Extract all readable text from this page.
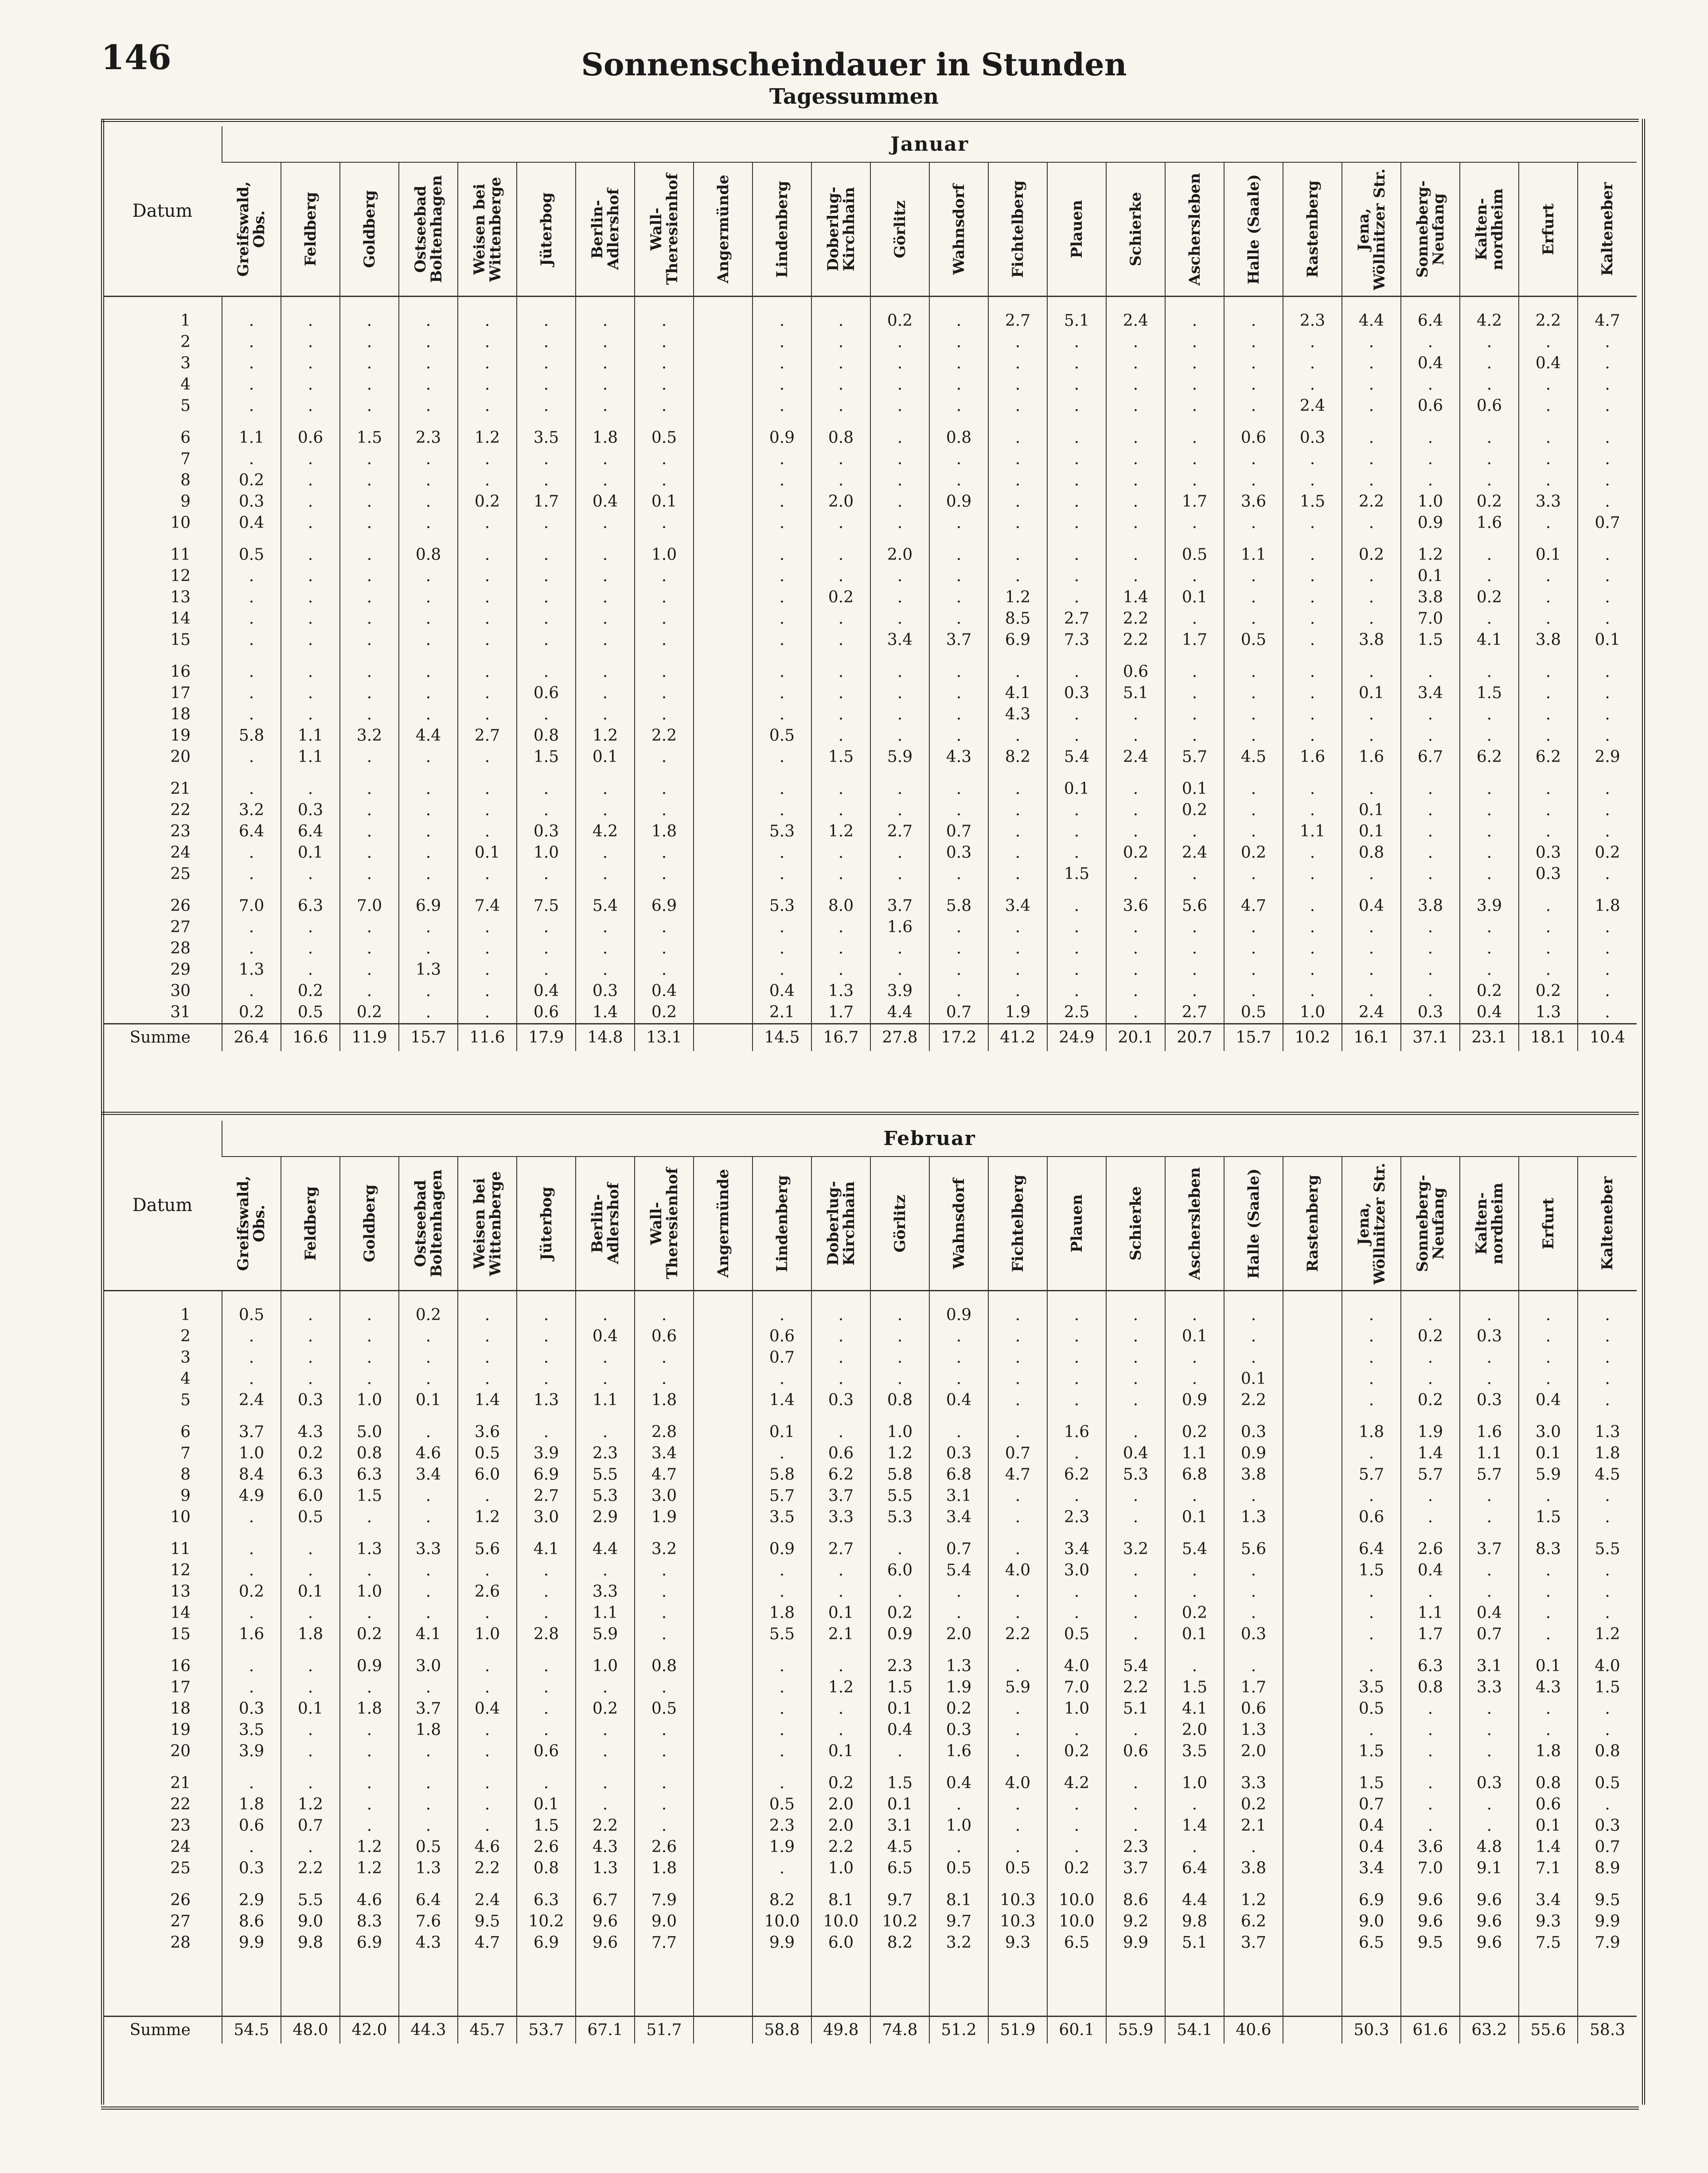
146	Sonnenscheindauer in Stunden
Tagessummen
Datum	Januar																							

	Greifswald,
Obs.	Feldberg	Goldberg	Ostseebad
Boltenhagen	Weisen bei
Wittenberge	Jüterbog	Berlin-
Adlershof	Wall-
Theresienhof	Angermünde	Lindenberg	Doberlug-
Kirchhain	Görlitz	Wahnsdorf	Fichtelberg	Plauen	Schierke	Aschersleben	Halle (Saale)	Rastenberg	Jena,
Wöllnitzer Str.	Sonneberg-
Neufang	Kalten-
nordheim	Erfurt	Kalteneber

1	.	.	.	.	.	.	.	.		.	.	0.2	.	2.7	5.1	2.4	.	.	2.3	4.4	6.4	4.2	2.2	4.7
2	.	.	.	.	.	.	.	.		.	.	.	.	.	.	.	.	.	.	.	.	.	.	.
3	.	.	.	.	.	.	.	.		.	.	.	.	.	.	.	.	.	.	.	0.4	.	0.4	.
4	.	.	.	.	.	.	.	.		.	.	.	.	.	.	.	.	.	.	.	.	.	.	.
5	.	.	.	.	.	.	.	.		.	.	.	.	.	.	.	.	.	2.4	.	0.6	0.6	.	.

6	1.1	0.6	1.5	2.3	1.2	3.5	1.8	0.5		0.9	0.8	.	0.8	.	.	.	.	0.6	0.3	.	.	.	.	.
7	.	.	.	.	.	.	.	.		.	.	.	.	.	.	.	.	.	.	.	.	.	.	.
8	0.2	.	.	.	.	.	.	.		.	.	.	.	.	.	.	.	.	.	.	.	.	.	.
9	0.3	.	.	.	0.2	1.7	0.4	0.1		.	2.0	.	0.9	.	.	.	1.7	3.6	1.5	2.2	1.0	0.2	3.3	.
10	0.4	.	.	.	.	.	.	.		.	.	.	.	.	.	.	.	.	.	.	0.9	1.6	.	0.7

11	0.5	.	.	0.8	.	.	.	1.0		.	.	2.0	.	.	.	.	0.5	1.1	.	0.2	1.2	.	0.1	.
12	.	.	.	.	.	.	.	.		.	.	.	.	.	.	.	.	.	.	.	0.1	.	.	.
13	.	.	.	.	.	.	.	.		.	0.2	.	.	1.2	.	1.4	0.1	.	.	.	3.8	0.2	.	.
14	.	.	.	.	.	.	.	.		.	.	.	.	8.5	2.7	2.2	.	.	.	.	7.0	.	.	.
15	.	.	.	.	.	.	.	.		.	.	3.4	3.7	6.9	7.3	2.2	1.7	0.5	.	3.8	1.5	4.1	3.8	0.1

16	.	.	.	.	.	.	.	.		.	.	.	.	.	.	0.6	.	.	.	.	.	.	.	.
17	.	.	.	.	.	0.6	.	.		.	.	.	.	4.1	0.3	5.1	.	.	.	0.1	3.4	1.5	.	.
18	.	.	.	.	.	.	.	.		.	.	.	.	4.3	.	.	.	.	.	.	.	.	.	.
19	5.8	1.1	3.2	4.4	2.7	0.8	1.2	2.2		0.5	.	.	.	.	.	.	.	.	.	.	.	.	.	.
20	.	1.1	.	.	.	1.5	0.1	.		.	1.5	5.9	4.3	8.2	5.4	2.4	5.7	4.5	1.6	1.6	6.7	6.2	6.2	2.9

21	.	.	.	.	.	.	.	.		.	.	.	.	.	0.1	.	0.1	.	.	.	.	.	.	.
22	3.2	0.3	.	.	.	.	.	.		.	.	.	.	.	.	.	0.2	.	.	0.1	.	.	.	.
23	6.4	6.4	.	.	.	0.3	4.2	1.8		5.3	1.2	2.7	0.7	.	.	.	.	.	1.1	0.1	.	.	.	.
24	.	0.1	.	.	0.1	1.0	.	.		.	.	.	0.3	.	.	0.2	2.4	0.2	.	0.8	.	.	0.3	0.2
25	.	.	.	.	.	.	.	.		.	.	.	.	.	1.5	.	.	.	.	.	.	.	0.3	.

26	7.0	6.3	7.0	6.9	7.4	7.5	5.4	6.9		5.3	8.0	3.7	5.8	3.4	.	3.6	5.6	4.7	.	0.4	3.8	3.9	.	1.8
27	.	.	.	.	.	.	.	.		.	.	1.6	.	.	.	.	.	.	.	.	.	.	.	.
28	.	.	.	.	.	.	.	.		.	.	.	.	.	.	.	.	.	.	.	.	.	.	.
29	1.3	.	.	1.3	.	.	.	.		.	.	.	.	.	.	.	.	.	.	.	.	.	.	.
30	.	0.2	.	.	.	0.4	0.3	0.4		0.4	1.3	3.9	.	.	.	.	.	.	.	.	.	0.2	0.2	.
31	0.2	0.5	0.2	.	.	0.6	1.4	0.2		2.1	1.7	4.4	0.7	1.9	2.5	.	2.7	0.5	1.0	2.4	0.3	0.4	1.3	.
Summe	26.4	16.6	11.9	15.7	11.6	17.9	14.8	13.1		14.5	16.7	27.8	17.2	41.2	24.9	20.1	20.7	15.7	10.2	16.1	37.1	23.1	18.1	10.4
Datum	Februar																							

	Greifswald,
Obs.	Feldberg	Goldberg	Ostseebad
Boltenhagen	Weisen bei
Wittenberge	Jüterbog	Berlin-
Adlershof	Wall-
Theresienhof	Angermünde	Lindenberg	Doberlug-
Kirchhain	Görlitz	Wahnsdorf	Fichtelberg	Plauen	Schierke	Aschersleben	Halle (Saale)	Rastenberg	Jena,
Wöllnitzer Str.	Sonneberg-
Neufang	Kalten-
nordheim	Erfurt	Kalteneber

1	0.5	.	.	0.2	.	.	.	.		.	.	.	0.9	.	.	.	.	.		.	.	.	.	.
2	.	.	.	.	.	.	0.4	0.6		0.6	.	.	.	.	.	.	0.1	.		.	0.2	0.3	.	.
3	.	.	.	.	.	.	.	.		0.7	.	.	.	.	.	.	.	.		.	.	.	.	.
4	.	.	.	.	.	.	.	.		.	.	.	.	.	.	.	.	0.1		.	.	.	.	.
5	2.4	0.3	1.0	0.1	1.4	1.3	1.1	1.8		1.4	0.3	0.8	0.4	.	.	.	0.9	2.2		.	0.2	0.3	0.4	.

6	3.7	4.3	5.0	.	3.6	.	.	2.8		0.1	.	1.0	.	.	1.6	.	0.2	0.3		1.8	1.9	1.6	3.0	1.3
7	1.0	0.2	0.8	4.6	0.5	3.9	2.3	3.4		.	0.6	1.2	0.3	0.7	.	0.4	1.1	0.9		.	1.4	1.1	0.1	1.8
8	8.4	6.3	6.3	3.4	6.0	6.9	5.5	4.7		5.8	6.2	5.8	6.8	4.7	6.2	5.3	6.8	3.8		5.7	5.7	5.7	5.9	4.5
9	4.9	6.0	1.5	.	.	2.7	5.3	3.0		5.7	3.7	5.5	3.1	.	.	.	.	.		.	.	.	.	.
10	.	0.5	.	.	1.2	3.0	2.9	1.9		3.5	3.3	5.3	3.4	.	2.3	.	0.1	1.3		0.6	.	.	1.5	.

11	.	.	1.3	3.3	5.6	4.1	4.4	3.2		0.9	2.7	.	0.7	.	3.4	3.2	5.4	5.6		6.4	2.6	3.7	8.3	5.5
12	.	.	.	.	.	.	.	.		.	.	6.0	5.4	4.0	3.0	.	.	.		1.5	0.4	.	.	.
13	0.2	0.1	1.0	.	2.6	.	3.3	.		.	.	.	.	.	.	.	.	.		.	.	.	.	.
14	.	.	.	.	.	.	1.1	.		1.8	0.1	0.2	.	.	.	.	0.2	.		.	1.1	0.4	.	.
15	1.6	1.8	0.2	4.1	1.0	2.8	5.9	.		5.5	2.1	0.9	2.0	2.2	0.5	.	0.1	0.3		.	1.7	0.7	.	1.2

16	.	.	0.9	3.0	.	.	1.0	0.8		.	.	2.3	1.3	.	4.0	5.4	.	.		.	6.3	3.1	0.1	4.0
17	.	.	.	.	.	.	.	.		.	1.2	1.5	1.9	5.9	7.0	2.2	1.5	1.7		3.5	0.8	3.3	4.3	1.5
18	0.3	0.1	1.8	3.7	0.4	.	0.2	0.5		.	.	0.1	0.2	.	1.0	5.1	4.1	0.6		0.5	.	.	.	.
19	3.5	.	.	1.8	.	.	.	.		.	.	0.4	0.3	.	.	.	2.0	1.3		.	.	.	.	.
20	3.9	.	.	.	.	0.6	.	.		.	0.1	.	1.6	.	0.2	0.6	3.5	2.0		1.5	.	.	1.8	0.8

21	.	.	.	.	.	.	.	.		.	0.2	1.5	0.4	4.0	4.2	.	1.0	3.3		1.5	.	0.3	0.8	0.5
22	1.8	1.2	.	.	.	0.1	.	.		0.5	2.0	0.1	.	.	.	.	.	0.2		0.7	.	.	0.6	.
23	0.6	0.7	.	.	.	1.5	2.2	.		2.3	2.0	3.1	1.0	.	.	.	1.4	2.1		0.4	.	.	0.1	0.3
24	.	.	1.2	0.5	4.6	2.6	4.3	2.6		1.9	2.2	4.5	.	.	.	2.3	.	.		0.4	3.6	4.8	1.4	0.7
25	0.3	2.2	1.2	1.3	2.2	0.8	1.3	1.8		.	1.0	6.5	0.5	0.5	0.2	3.7	6.4	3.8		3.4	7.0	9.1	7.1	8.9

26	2.9	5.5	4.6	6.4	2.4	6.3	6.7	7.9		8.2	8.1	9.7	8.1	10.3	10.0	8.6	4.4	1.2		6.9	9.6	9.6	3.4	9.5
27	8.6	9.0	8.3	7.6	9.5	10.2	9.6	9.0		10.0	10.0	10.2	9.7	10.3	10.0	9.2	9.8	6.2		9.0	9.6	9.6	9.3	9.9
28	9.9	9.8	6.9	4.3	4.7	6.9	9.6	7.7		9.9	6.0	8.2	3.2	9.3	6.5	9.9	5.1	3.7		6.5	9.5	9.6	7.5	7.9

Summe	54.5	48.0	42.0	44.3	45.7	53.7	67.1	51.7		58.8	49.8	74.8	51.2	51.9	60.1	55.9	54.1	40.6		50.3	61.6	63.2	55.6	58.3
